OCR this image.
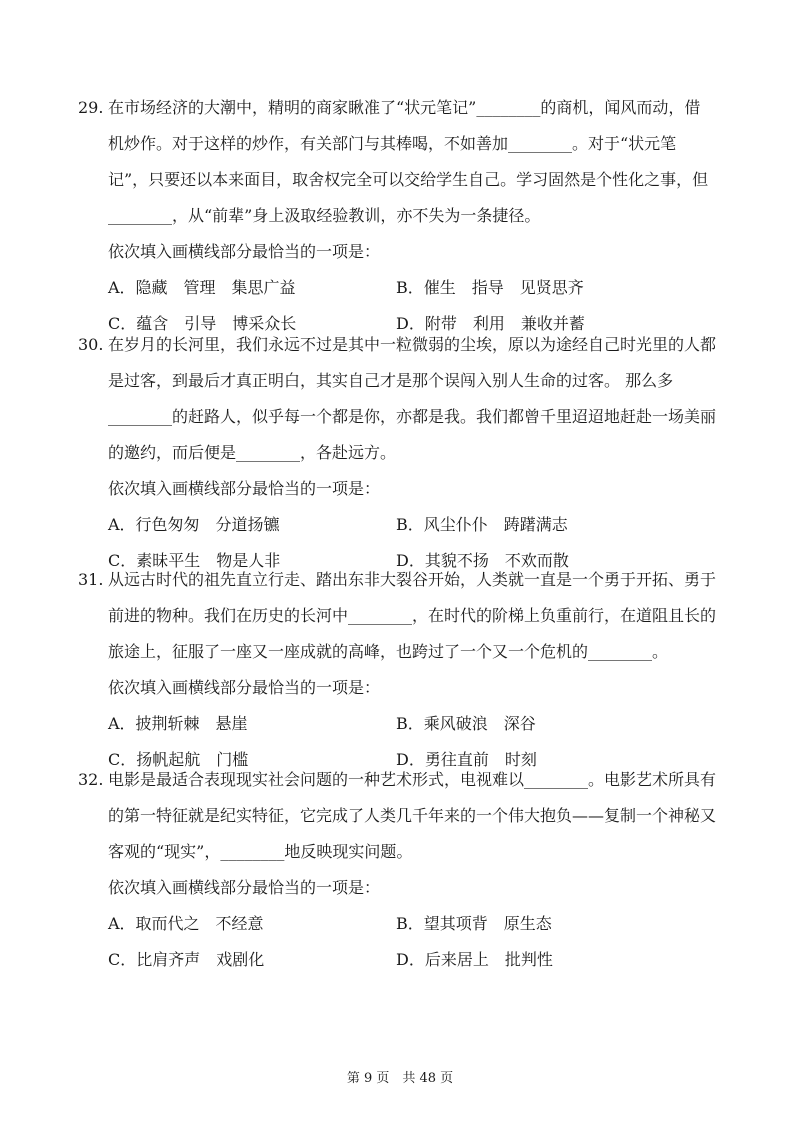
29. 在市场经济的大潮中，精明的商家瞅准了“状元笔记”________的商机，闻风而动，借
机炒作。对于这样的炒作，有关部门与其棒喝，不如善加________。对于“状元笔
记”，只要还以本来面目，取舍权完全可以交给学生自己。学习固然是个性化之事，但
________，从“前辈”身上汲取经验教训，亦不失为一条捷径。
依次填入画横线部分最恰当的一项是：
A．隐藏　管理　集思广益	B．催生　指导　见贤思齐
C．蕴含　引导　博采众长	D．附带　利用　兼收并蓄
30. 在岁月的长河里，我们永远不过是其中一粒微弱的尘埃，原以为途经自己时光里的人都
是过客，到最后才真正明白，其实自己才是那个误闯入别人生命的过客。 那么多
________的赶路人，似乎每一个都是你，亦都是我。我们都曾千里迢迢地赶赴一场美丽
的邀约，而后便是________，各赴远方。
依次填入画横线部分最恰当的一项是：
A．行色匆匆　分道扬镳	B．风尘仆仆　踌躇满志
C．素昧平生　物是人非	D．其貌不扬　不欢而散
31. 从远古时代的祖先直立行走、踏出东非大裂谷开始，人类就一直是一个勇于开拓、勇于
前进的物种。我们在历史的长河中________，在时代的阶梯上负重前行，在道阻且长的
旅途上，征服了一座又一座成就的高峰，也跨过了一个又一个危机的________。
依次填入画横线部分最恰当的一项是：
A．披荆斩棘　悬崖	B．乘风破浪　深谷
C．扬帆起航　门槛	D．勇往直前　时刻
32. 电影是最适合表现现实社会问题的一种艺术形式，电视难以________。电影艺术所具有
的第一特征就是纪实特征，它完成了人类几千年来的一个伟大抱负——复制一个神秘又
客观的“现实”，________地反映现实问题。
依次填入画横线部分最恰当的一项是：
A．取而代之　不经意	B．望其项背　原生态
C．比肩齐声　戏剧化	D．后来居上　批判性
第 9 页　共 48 页
